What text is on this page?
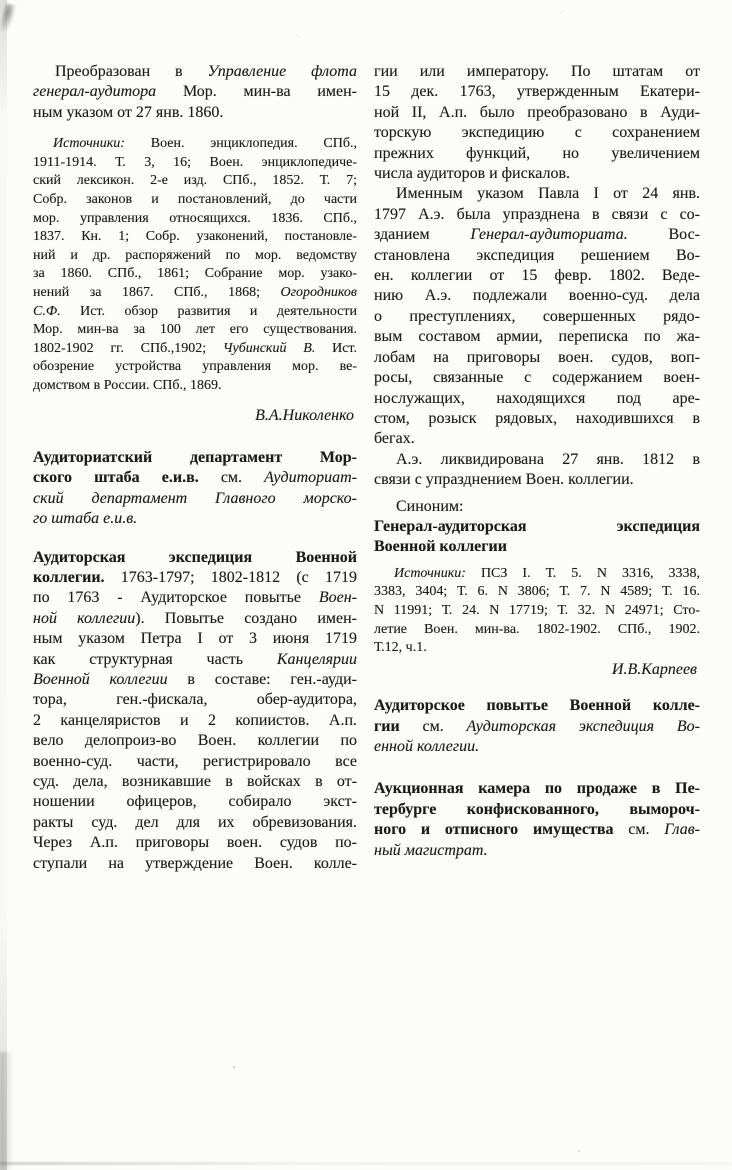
Преобразован в Управление флота
генерал-аудитора Мор. мин-ва имен-
ным указом от 27 янв. 1860.
Источники: Воен. энциклопедия. СПб.,
1911-1914. Т. 3, 16; Воен. энциклопедиче-
ский лексикон. 2-е изд. СПб., 1852. Т. 7;
Собр. законов и постановлений, до части
мор. управления относящихся. 1836. СПб.,
1837. Кн. 1; Собр. узаконений, постановле-
ний и др. распоряжений по мор. ведомству
за 1860. СПб., 1861; Собрание мор. узако-
нений за 1867. СПб., 1868; Огородников
С.Ф. Ист. обзор развития и деятельности
Мор. мин-ва за 100 лет его существования.
1802-1902 гг. СПб.,1902; Чубинский В. Ист.
обозрение устройства управления мор. ве-
домством в России. СПб., 1869.
В.А.Николенко
Аудиториатский департамент Мор-
ского штаба е.и.в. см. Аудиториат-
ский департамент Главного морско-
го штаба е.и.в.
Аудиторская экспедиция Военной
коллегии. 1763-1797; 1802-1812 (с 1719
по 1763 - Аудиторское повытье Воен-
ной коллегии). Повытье создано имен-
ным указом Петра I от 3 июня 1719
как структурная часть Канцелярии
Военной коллегии в составе: ген.-ауди-
тора, ген.-фискала, обер-аудитора,
2 канцеляристов и 2 копиистов. А.п.
вело делопроиз-во Воен. коллегии по
военно-суд. части, регистрировало все
суд. дела, возникавшие в войсках в от-
ношении офицеров, собирало экст-
ракты суд. дел для их обревизования.
Через А.п. приговоры воен. судов по-
ступали на утверждение Воен. колле-
гии или императору. По штатам от
15 дек. 1763, утвержденным Екатери-
ной II, А.п. было преобразовано в Ауди-
торскую экспедицию с сохранением
прежних функций, но увеличением
числа аудиторов и фискалов.
Именным указом Павла I от 24 янв.
1797 А.э. была упразднена в связи с со-
зданием Генерал-аудиториата. Вос-
становлена экспедиция решением Во-
ен. коллегии от 15 февр. 1802. Веде-
нию А.э. подлежали военно-суд. дела
о преступлениях, совершенных рядо-
вым составом армии, переписка по жа-
лобам на приговоры воен. судов, воп-
росы, связанные с содержанием воен-
нослужащих, находящихся под аре-
стом, розыск рядовых, находившихся в
бегах.
А.э. ликвидирована 27 янв. 1812 в
связи с упразднением Воен. коллегии.
Синоним:
Генерал-аудиторская экспедиция
Военной коллегии
Источники: ПСЗ I. Т. 5. N 3316, 3338,
3383, 3404; Т. 6. N 3806; Т. 7. N 4589; Т. 16.
N 11991; Т. 24. N 17719; Т. 32. N 24971; Сто-
летие Воен. мин-ва. 1802-1902. СПб., 1902.
Т.12, ч.1.
И.В.Карпеев
Аудиторское повытье Военной колле-
гии см. Аудиторская экспедиция Во-
енной коллегии.
Аукционная камера по продаже в Пе-
тербурге конфискованного, вымороч-
ного и отписного имущества см. Глав-
ный магистрат.
